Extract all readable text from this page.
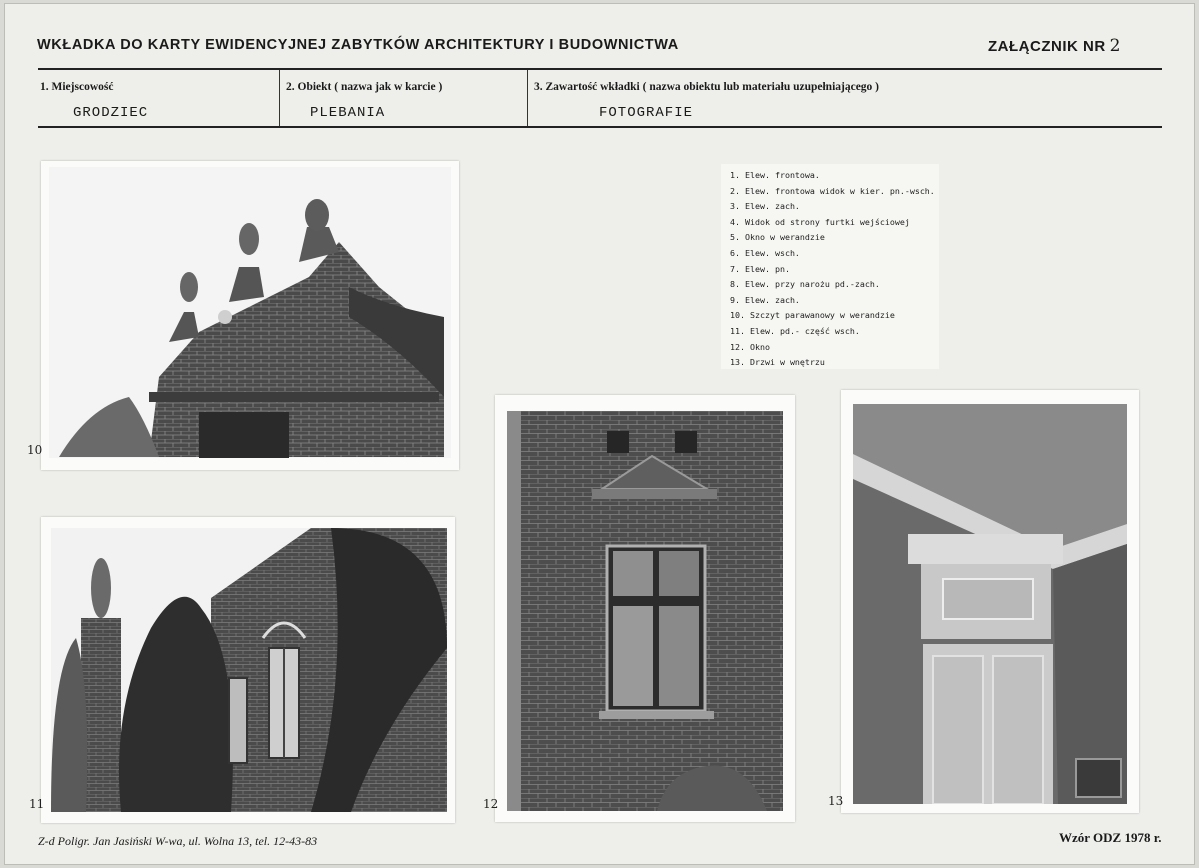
WKŁADKA DO KARTY EWIDENCYJNEJ ZABYTKÓW ARCHITEKTURY I BUDOWNICTWA	ZAŁĄCZNIK NR 2
1. Miejscowość
GRODZIEC
2. Obiekt ( nazwa jak w karcie )
PLEBANIA
3. Zawartość wkładki ( nazwa obiektu lub materiału uzupełniającego )
FOTOGRAFIE
1. Elew. frontowa.
2. Elew. frontowa widok w kier. pn.-wsch.
3. Elew. zach.
4. Widok od strony furtki wejściowej
5. Okno w werandzie
6. Elew. wsch.
7. Elew. pn.
8. Elew. przy narożu pd.-zach.
9. Elew. zach.
10. Szczyt parawanowy w werandzie
11. Elew. pd.- część wsch.
12. Okno
13. Drzwi w wnętrzu
10
11	12	13
Z-d Poligr. Jan Jasiński W-wa, ul. Wolna 13, tel. 12-43-83	Wzór ODZ 1978 r.
